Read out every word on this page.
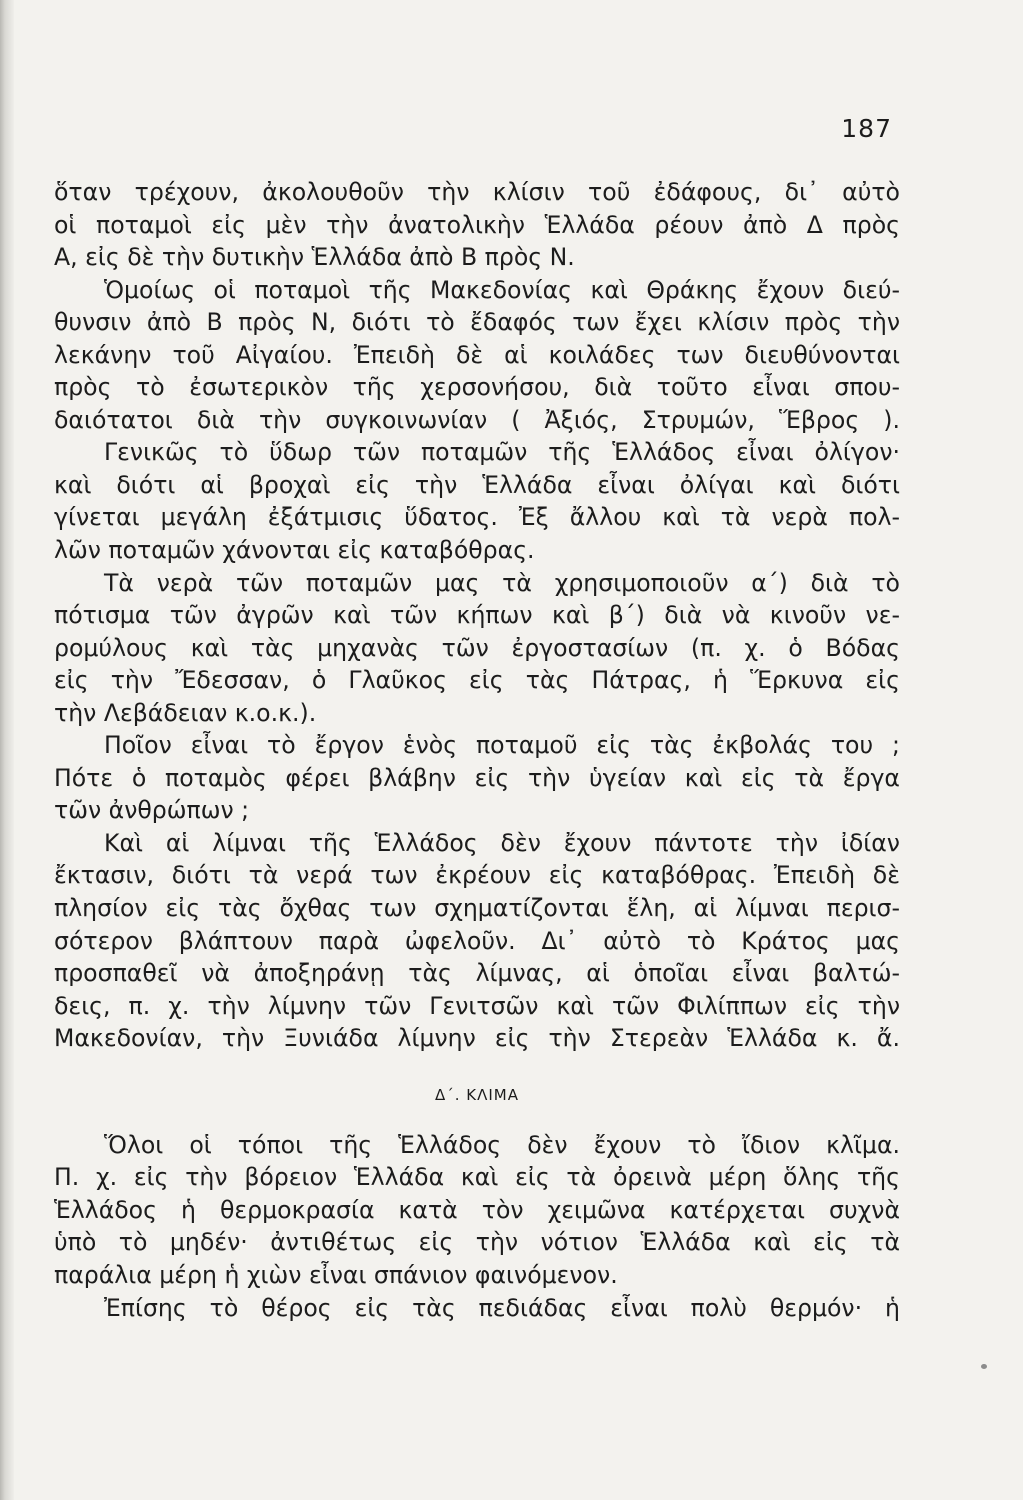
187
ὅταν τρέχουν, ἀκολουθοῦν τὴν κλίσιν τοῦ ἐδάφους, δι᾿ αὐτὸ
οἱ ποταμοὶ εἰς μὲν τὴν ἀνατολικὴν Ἑλλάδα ρέουν ἀπὸ Δ πρὸς
Α, εἰς δὲ τὴν δυτικὴν Ἑλλάδα ἀπὸ Β πρὸς Ν.
Ὁμοίως οἱ ποταμοὶ τῆς Μακεδονίας καὶ Θράκης ἔχουν διεύ-
θυνσιν ἀπὸ Β πρὸς Ν, διότι τὸ ἔδαφός των ἔχει κλίσιν πρὸς τὴν
λεκάνην τοῦ Αἰγαίου. Ἐπειδὴ δὲ αἱ κοιλάδες των διευθύνονται
πρὸς τὸ ἐσωτερικὸν τῆς χερσονήσου, διὰ τοῦτο εἶναι σπου-
δαιότατοι διὰ τὴν συγκοινωνίαν ( Ἀξιός, Στρυμών, Ἕβρος ).
Γενικῶς τὸ ὕδωρ τῶν ποταμῶν τῆς Ἑλλάδος εἶναι ὀλίγον·
καὶ διότι αἱ βροχαὶ εἰς τὴν Ἑλλάδα εἶναι ὀλίγαι καὶ διότι
γίνεται μεγάλη ἐξάτμισις ὕδατος. Ἐξ ἄλλου καὶ τὰ νερὰ πολ-
λῶν ποταμῶν χάνονται εἰς καταβόθρας.
Τὰ νερὰ τῶν ποταμῶν μας τὰ χρησιμοποιοῦν α΄) διὰ τὸ
πότισμα τῶν ἀγρῶν καὶ τῶν κήπων καὶ β΄) διὰ νὰ κινοῦν νε-
ρομύλους καὶ τὰς μηχανὰς τῶν ἐργοστασίων (π. χ. ὁ Βόδας
εἰς τὴν Ἔδεσσαν, ὁ Γλαῦκος εἰς τὰς Πάτρας, ἡ Ἕρκυνα εἰς
τὴν Λεβάδειαν κ.ο.κ.).
Ποῖον εἶναι τὸ ἔργον ἑνὸς ποταμοῦ εἰς τὰς ἐκβολάς του ;
Πότε ὁ ποταμὸς φέρει βλάβην εἰς τὴν ὑγείαν καὶ εἰς τὰ ἔργα
τῶν ἀνθρώπων ;
Καὶ αἱ λίμναι τῆς Ἑλλάδος δὲν ἔχουν πάντοτε τὴν ἰδίαν
ἔκτασιν, διότι τὰ νερά των ἐκρέουν εἰς καταβόθρας. Ἐπειδὴ δὲ
πλησίον εἰς τὰς ὄχθας των σχηματίζονται ἕλη, αἱ λίμναι περισ-
σότερον βλάπτουν παρὰ ὠφελοῦν. Δι᾿ αὐτὸ τὸ Κράτος μας
προσπαθεῖ νὰ ἀποξηράνῃ τὰς λίμνας, αἱ ὁποῖαι εἶναι βαλτώ-
δεις, π. χ. τὴν λίμνην τῶν Γενιτσῶν καὶ τῶν Φιλίππων εἰς τὴν
Μακεδονίαν, τὴν Ξυνιάδα λίμνην εἰς τὴν Στερεὰν Ἑλλάδα κ. ἄ.
Δ΄. ΚΛΙΜΑ
Ὅλοι οἱ τόποι τῆς Ἑλλάδος δὲν ἔχουν τὸ ἴδιον κλῖμα.
Π. χ. εἰς τὴν βόρειον Ἑλλάδα καὶ εἰς τὰ ὀρεινὰ μέρη ὅλης τῆς
Ἑλλάδος ἡ θερμοκρασία κατὰ τὸν χειμῶνα κατέρχεται συχνὰ
ὑπὸ τὸ μηδέν· ἀντιθέτως εἰς τὴν νότιον Ἑλλάδα καὶ εἰς τὰ
παράλια μέρη ἡ χιὼν εἶναι σπάνιον φαινόμενον.
Ἐπίσης τὸ θέρος εἰς τὰς πεδιάδας εἶναι πολὺ θερμόν· ἡ
